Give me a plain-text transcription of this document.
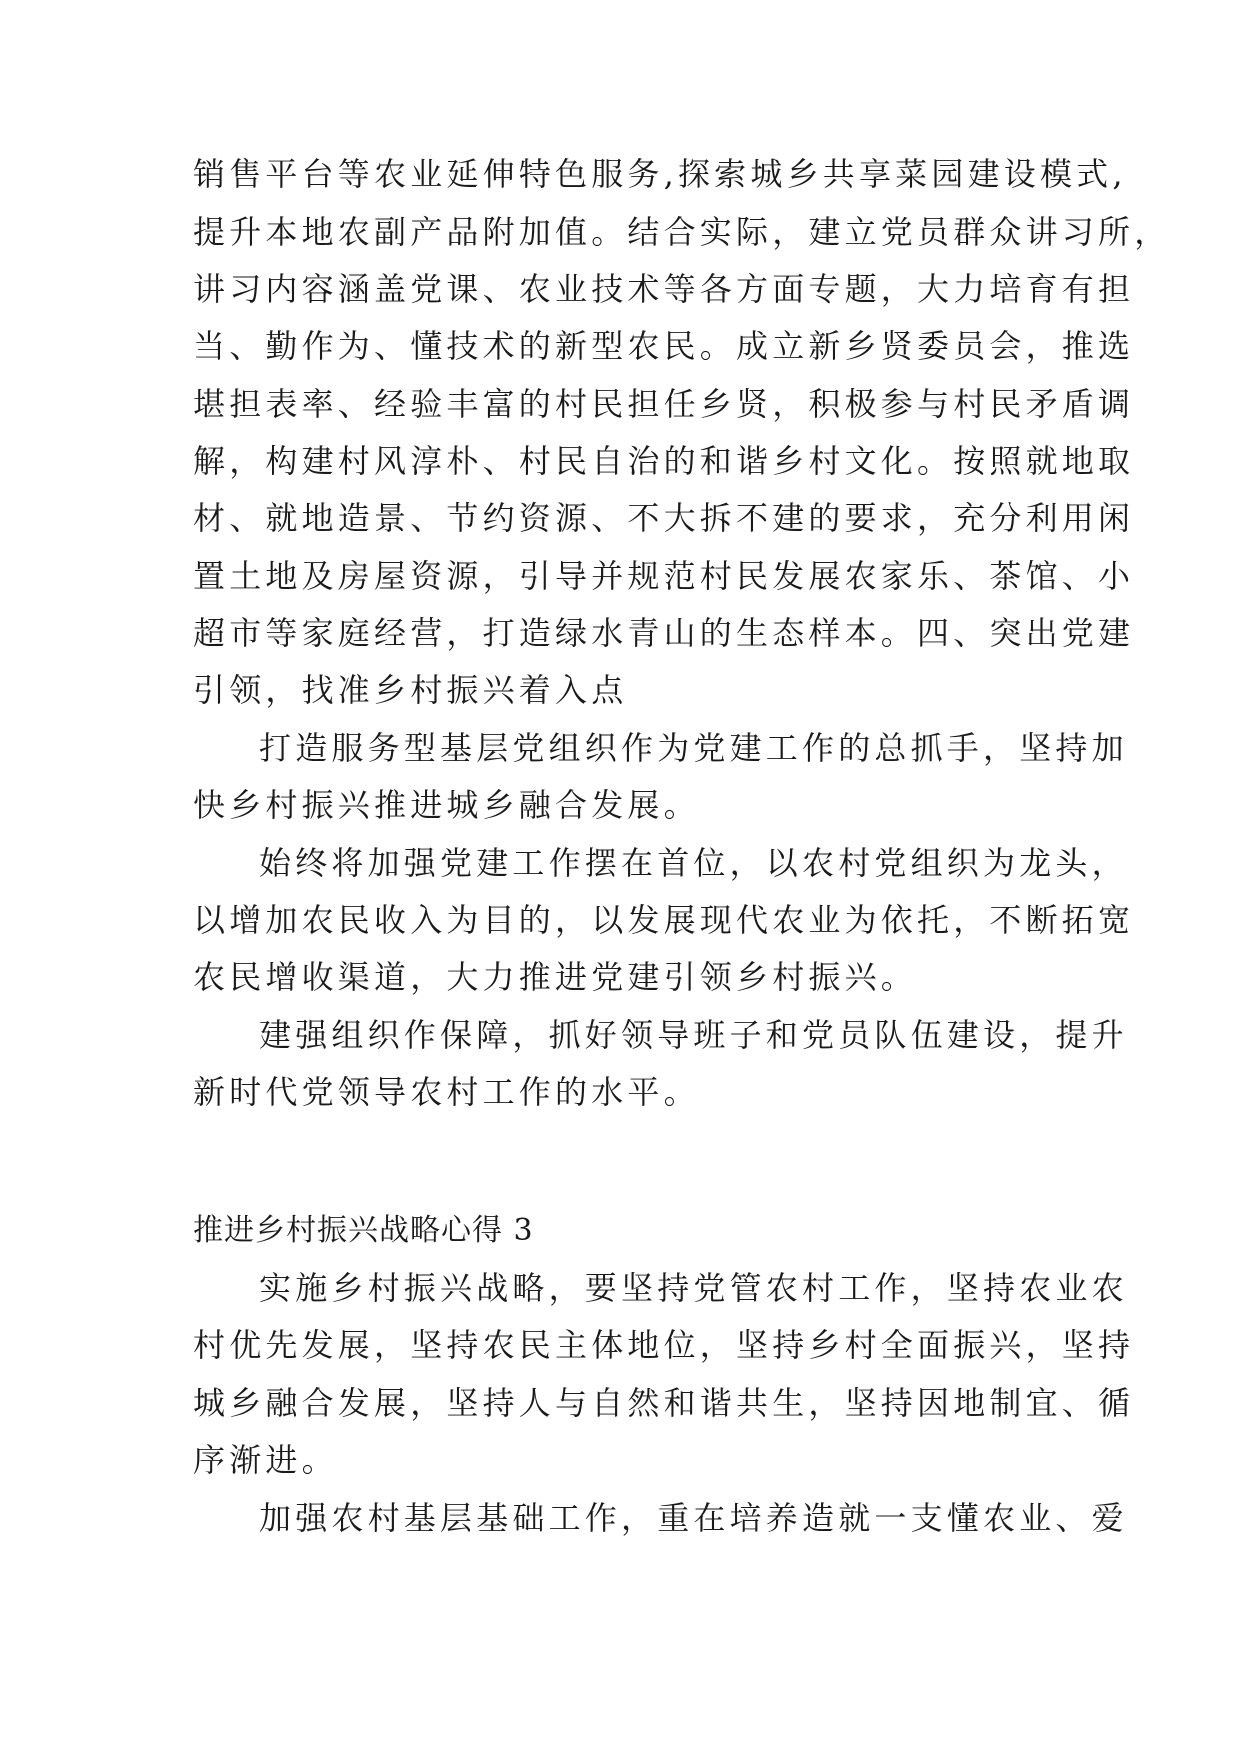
销售平台等农业延伸特色服务,探索城乡共享菜园建设模式,
提升本地农副产品附加值。结合实际，建立党员群众讲习所，
讲习内容涵盖党课、农业技术等各方面专题，大力培育有担
当、勤作为、懂技术的新型农民。成立新乡贤委员会，推选
堪担表率、经验丰富的村民担任乡贤，积极参与村民矛盾调
解，构建村风淳朴、村民自治的和谐乡村文化。按照就地取
材、就地造景、节约资源、不大拆不建的要求，充分利用闲
置土地及房屋资源，引导并规范村民发展农家乐、茶馆、小
超市等家庭经营，打造绿水青山的生态样本。四、突出党建
引领，找准乡村振兴着入点
打造服务型基层党组织作为党建工作的总抓手，坚持加
快乡村振兴推进城乡融合发展。
始终将加强党建工作摆在首位，以农村党组织为龙头，
以增加农民收入为目的，以发展现代农业为依托，不断拓宽
农民增收渠道，大力推进党建引领乡村振兴。
建强组织作保障，抓好领导班子和党员队伍建设，提升
新时代党领导农村工作的水平。
推进乡村振兴战略心得 3
实施乡村振兴战略，要坚持党管农村工作，坚持农业农
村优先发展，坚持农民主体地位，坚持乡村全面振兴，坚持
城乡融合发展，坚持人与自然和谐共生，坚持因地制宜、循
序渐进。
加强农村基层基础工作，重在培养造就一支懂农业、爱
